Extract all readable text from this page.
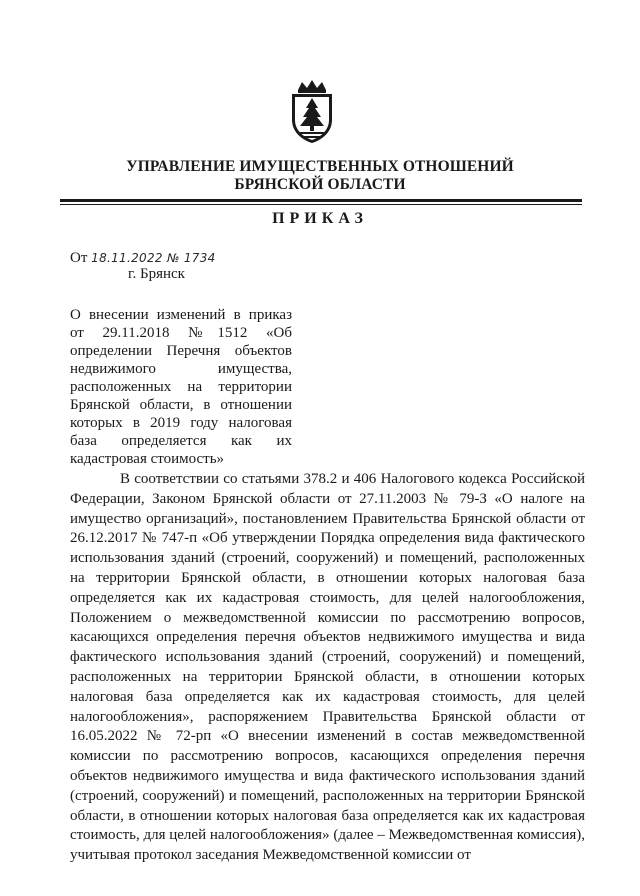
УПРАВЛЕНИЕ ИМУЩЕСТВЕННЫХ ОТНОШЕНИЙ
БРЯНСКОЙ ОБЛАСТИ
ПРИКАЗ
От 18.11.2022 № 1734
г. Брянск
О внесении изменений в приказ от 29.11.2018 №1512 «Об определении Перечня объектов недвижимого имущества, расположенных на территории Брянской области, в отношении которых в 2019 году налоговая база определяется как их кадастровая стоимость»
В соответствии со статьями 378.2 и 406 Налогового кодекса Российской Федерации, Законом Брянской области от 27.11.2003 № 79-З «О налоге на имущество организаций», постановлением Правительства Брянской области от 26.12.2017 № 747-п «Об утверждении Порядка определения вида фактического использования зданий (строений, сооружений) и помещений, расположенных на территории Брянской области, в отношении которых налоговая база определяется как их кадастровая стоимость, для целей налогообложения, Положением о межведомственной комиссии по рассмотрению вопросов, касающихся определения перечня объектов недвижимого имущества и вида фактического использования зданий (строений, сооружений) и помещений, расположенных на территории Брянской области, в отношении которых налоговая база определяется как их кадастровая стоимость, для целей налогообложения», распоряжением Правительства Брянской области от 16.05.2022 № 72-рп «О внесении изменений в состав межведомственной комиссии по рассмотрению вопросов, касающихся определения перечня объектов недвижимого имущества и вида фактического использования зданий (строений, сооружений) и помещений, расположенных на территории Брянской области, в отношении которых налоговая база определяется как их кадастровая стоимость, для целей налогообложения» (далее – Межведомственная комиссия), учитывая протокол заседания Межведомственной комиссии от
